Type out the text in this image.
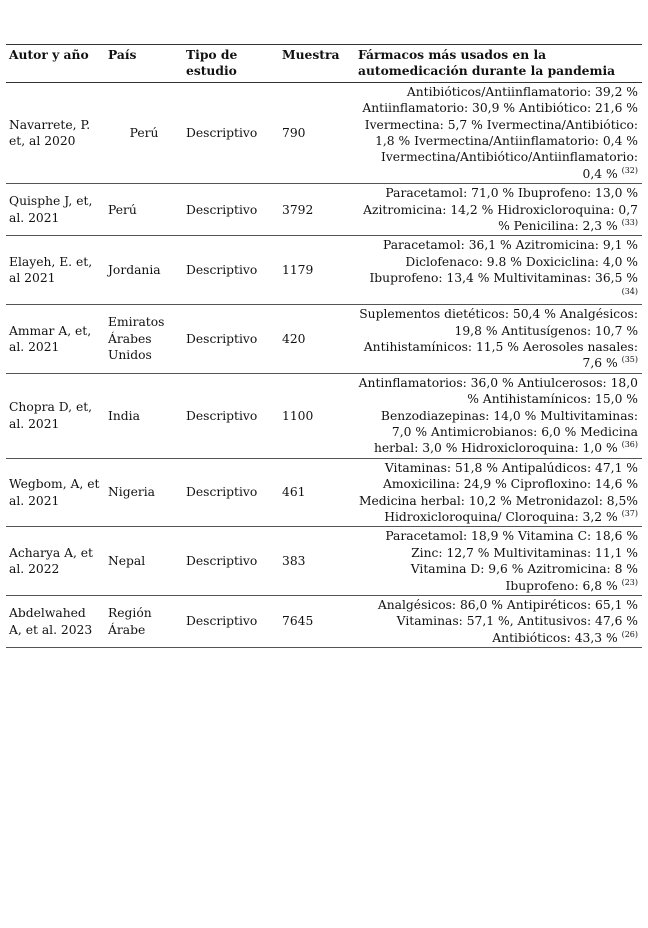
Autor y año	País	Tipo de estudio	Muestra	Fármacos más usados en la automedicación durante la pandemia
Navarrete, P. et, al 2020	Perú	Descriptivo	790	Antibióticos/Antiinflamatorio: 39,2 % Antiinflamatorio: 30,9 % Antibiótico: 21,6 % Ivermectina: 5,7 % Ivermectina/Antibiótico: 1,8 % Ivermectina/Antiinflamatorio: 0,4 % Ivermectina/Antibiótico/Antiinflamatorio: 0,4 % $^{(32)}$
Quisphe J, et, al. 2021	Perú	Descriptivo	3792	Paracetamol: 71,0 % Ibuprofeno: 13,0 % Azitromicina: 14,2 % Hidroxicloroquina: 0,7 % Penicilina: 2,3 % $^{(33)}$
Elayeh, E. et, al 2021	Jordania	Descriptivo	1179	Paracetamol: 36,1 % Azitromicina: 9,1 % Diclofenaco: 9.8 % Doxiciclina: 4,0 % Ibuprofeno: 13,4 % Multivitaminas: 36,5 % $^{(34)}$
Ammar A, et, al. 2021	Emiratos Árabes Unidos	Descriptivo	420	Suplementos dietéticos: 50,4 % Analgésicos: 19,8 % Antitusígenos: 10,7 % Antihistamínicos: 11,5 % Aerosoles nasales: 7,6 % $^{(35)}$
Chopra D, et, al. 2021	India	Descriptivo	1100	Antinflamatorios: 36,0 % Antiulcerosos: 18,0 % Antihistamínicos: 15,0 % Benzodiazepinas: 14,0 % Multivitaminas: 7,0 % Antimicrobianos: 6,0 % Medicina herbal: 3,0 % Hidroxicloroquina: 1,0 % $^{(36)}$
Wegbom, A, et al. 2021	Nigeria	Descriptivo	461	Vitaminas: 51,8 % Antipalúdicos: 47,1 % Amoxicilina: 24,9 % Ciprofloxino: 14,6 % Medicina herbal: 10,2 % Metronidazol: 8,5% Hidroxicloroquina/ Cloroquina: 3,2 % $^{(37)}$
Acharya A, et al. 2022	Nepal	Descriptivo	383	Paracetamol: 18,9 % Vitamina C: 18,6 % Zinc: 12,7 % Multivitaminas: 11,1 % Vitamina D: 9,6 % Azitromicina: 8 % Ibuprofeno: 6,8 % $^{(23)}$
Abdelwahed A, et al. 2023	Región Árabe	Descriptivo	7645	Analgésicos: 86,0 % Antipiréticos: 65,1 % Vitaminas: 57,1 %, Antitusivos: 47,6 % Antibióticos: 43,3 % $^{(26)}$
